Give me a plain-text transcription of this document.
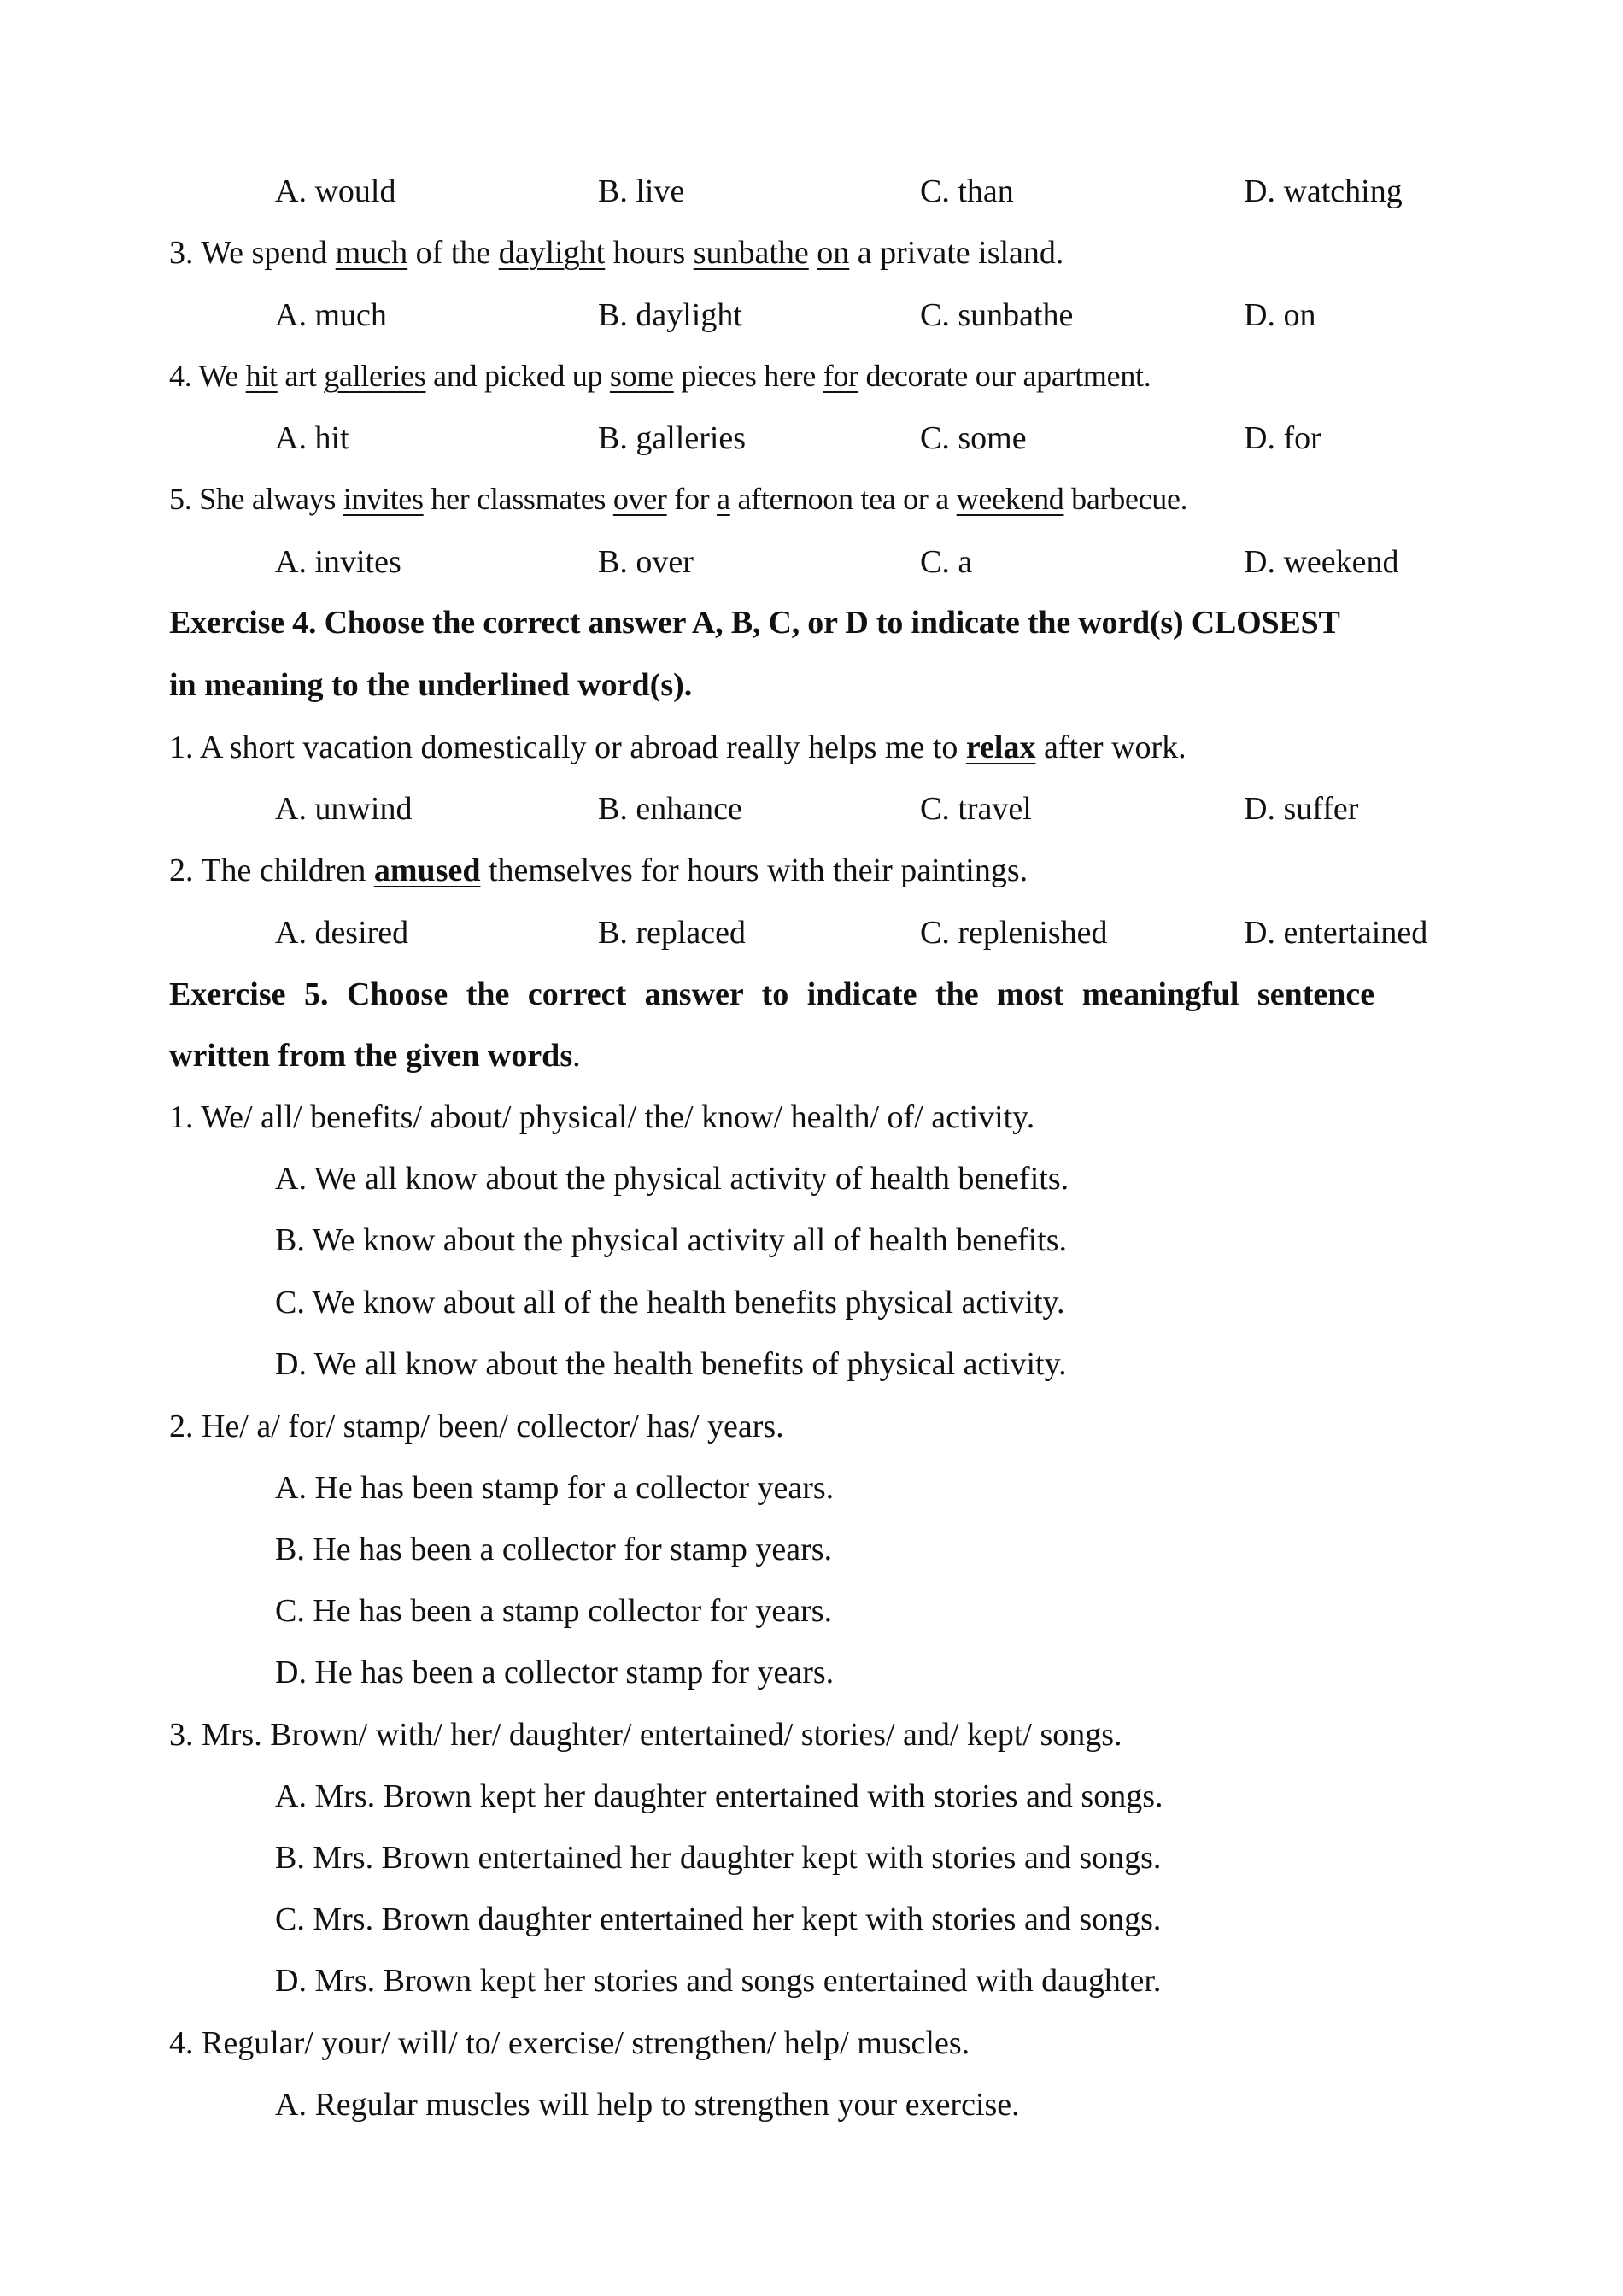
A. would	B. live	C. than	D. watching
3. We spend much of the daylight hours sunbathe on a private island.
A. much	B. daylight	C. sunbathe	D. on
4. We hit art galleries and picked up some pieces here for decorate our apartment.
A. hit	B. galleries	C. some	D. for
5. She always invites her classmates over for a afternoon tea or a weekend barbecue.
A. invites	B. over	C. a	D. weekend
Exercise 4. Choose the correct answer A, B, C, or D to indicate the word(s) CLOSEST
in meaning to the underlined word(s).
1. A short vacation domestically or abroad really helps me to relax after work.
A. unwind	B. enhance	C. travel	D. suffer
2. The children amused themselves for hours with their paintings.
A. desired	B. replaced	C. replenished	D. entertained
Exercise 5. Choose the correct answer to indicate the most meaningful sentence
written from the given words.
1. We/ all/ benefits/ about/ physical/ the/ know/ health/ of/ activity.
A. We all know about the physical activity of health benefits.
B. We know about the physical activity all of health benefits.
C. We know about all of the health benefits physical activity.
D. We all know about the health benefits of physical activity.
2. He/ a/ for/ stamp/ been/ collector/ has/ years.
A. He has been stamp for a collector years.
B. He has been a collector for stamp years.
C. He has been a stamp collector for years.
D. He has been a collector stamp for years.
3. Mrs. Brown/ with/ her/ daughter/ entertained/ stories/ and/ kept/ songs.
A. Mrs. Brown kept her daughter entertained with stories and songs.
B. Mrs. Brown entertained her daughter kept with stories and songs.
C. Mrs. Brown daughter entertained her kept with stories and songs.
D. Mrs. Brown kept her stories and songs entertained with daughter.
4. Regular/ your/ will/ to/ exercise/ strengthen/ help/ muscles.
A. Regular muscles will help to strengthen your exercise.
